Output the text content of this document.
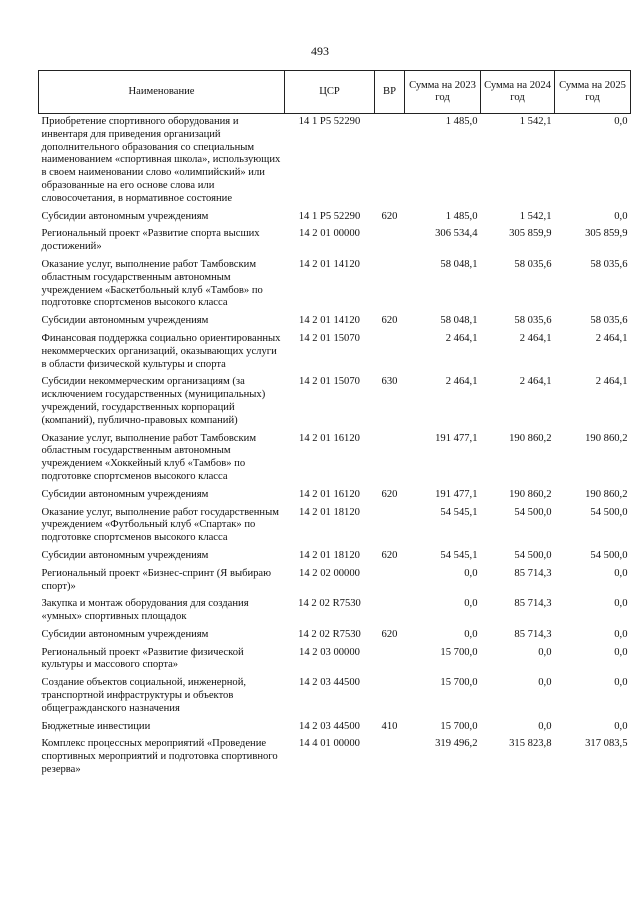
493
Наименование	ЦСР	ВР	Сумма на 2023 год	Сумма на 2024 год	Сумма на 2025 год
Приобретение спортивного оборудования и инвентаря для приведения организаций дополнительного образования со специальным наименованием «спортивная школа», использующих в своем наименовании слово «олимпийский» или образованные на его основе слова или словосочетания, в нормативное состояние	14 1 P5 52290		1 485,0	1 542,1	0,0
Субсидии автономным учреждениям	14 1 P5 52290	620	1 485,0	1 542,1	0,0
Региональный проект «Развитие спорта высших достижений»	14 2 01 00000		306 534,4	305 859,9	305 859,9
Оказание услуг, выполнение работ Тамбовским областным государственным автономным учреждением «Баскетбольный клуб «Тамбов» по подготовке спортсменов высокого класса	14 2 01 14120		58 048,1	58 035,6	58 035,6
Субсидии автономным учреждениям	14 2 01 14120	620	58 048,1	58 035,6	58 035,6
Финансовая поддержка социально ориентированных некоммерческих организаций, оказывающих услуги в области физической культуры и спорта	14 2 01 15070		2 464,1	2 464,1	2 464,1
Субсидии некоммерческим организациям (за исключением государственных (муниципальных) учреждений, государственных корпораций (компаний), публично-правовых компаний)	14 2 01 15070	630	2 464,1	2 464,1	2 464,1
Оказание услуг, выполнение работ Тамбовским областным государственным автономным учреждением «Хоккейный клуб «Тамбов» по подготовке спортсменов высокого класса	14 2 01 16120		191 477,1	190 860,2	190 860,2
Субсидии автономным учреждениям	14 2 01 16120	620	191 477,1	190 860,2	190 860,2
Оказание услуг, выполнение работ государственным учреждением «Футбольный клуб «Спартак» по подготовке спортсменов высокого класса	14 2 01 18120		54 545,1	54 500,0	54 500,0
Субсидии автономным учреждениям	14 2 01 18120	620	54 545,1	54 500,0	54 500,0
Региональный проект «Бизнес-спринт (Я выбираю спорт)»	14 2 02 00000		0,0	85 714,3	0,0
Закупка и монтаж оборудования для создания «умных» спортивных площадок	14 2 02 R7530		0,0	85 714,3	0,0
Субсидии автономным учреждениям	14 2 02 R7530	620	0,0	85 714,3	0,0
Региональный проект «Развитие физической культуры и массового спорта»	14 2 03 00000		15 700,0	0,0	0,0
Создание объектов социальной, инженерной, транспортной инфраструктуры и объектов общегражданского назначения	14 2 03 44500		15 700,0	0,0	0,0
Бюджетные инвестиции	14 2 03 44500	410	15 700,0	0,0	0,0
Комплекс процессных мероприятий «Проведение спортивных мероприятий и подготовка спортивного резерва»	14 4 01 00000		319 496,2	315 823,8	317 083,5
